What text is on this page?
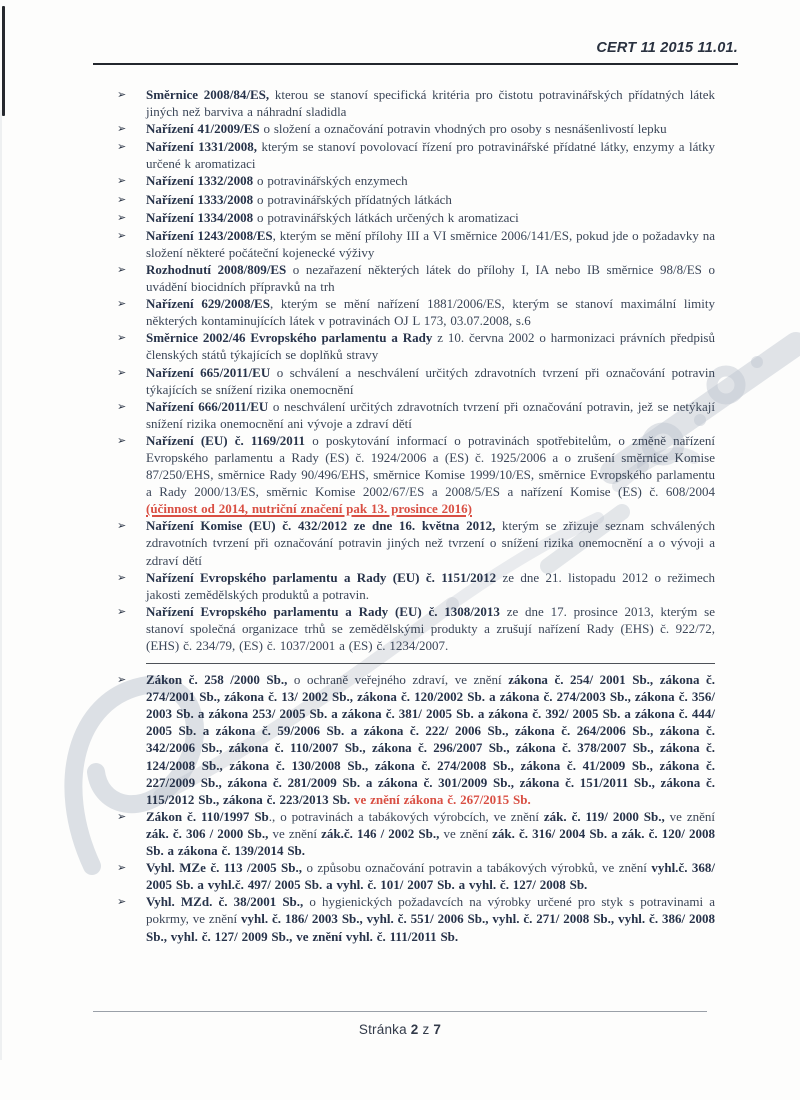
CERT 11 2015 11.01.
➢	Směrnice 2008/84/ES, kterou se stanoví specifická kritéria pro čistotu potravinářských přídatných látek jiných než barviva a náhradní sladidla
➢	Nařízení 41/2009/ES o složení a označování potravin vhodných pro osoby s nesnášenlivostí lepku
➢	Nařízení 1331/2008, kterým se stanoví povolovací řízení pro potravinářské přídatné látky, enzymy a látky určené k aromatizaci
➢	Nařízení 1332/2008 o potravinářských enzymech
➢	Nařízení 1333/2008 o potravinářských přídatných látkách
➢	Nařízení 1334/2008 o potravinářských látkách určených k aromatizaci
➢	Nařízení 1243/2008/ES, kterým se mění přílohy III a VI směrnice 2006/141/ES, pokud jde o požadavky na složení některé počáteční kojenecké výživy
➢	Rozhodnutí 2008/809/ES o nezařazení některých látek do přílohy I, IA nebo IB směrnice 98/8/ES o uvádění biocidních přípravků na trh
➢	Nařízení 629/2008/ES, kterým se mění nařízení 1881/2006/ES, kterým se stanoví maximální limity některých kontaminujících látek v potravinách OJ L 173, 03.07.2008, s.6
➢	Směrnice 2002/46 Evropského parlamentu a Rady z 10. června 2002 o harmonizaci právních předpisů členských států týkajících se doplňků stravy
➢	Nařízení 665/2011/EU o schválení a neschválení určitých zdravotních tvrzení při označování potravin týkajících se snížení rizika onemocnění
➢	Nařízení 666/2011/EU o neschválení určitých zdravotních tvrzení při označování potravin, jež se netýkají snížení rizika onemocnění ani vývoje a zdraví dětí
➢	Nařízení (EU) č. 1169/2011 o poskytování informací o potravinách spotřebitelům, o změně nařízení Evropského parlamentu a Rady (ES) č. 1924/2006 a (ES) č. 1925/2006 a o zrušení směrnice Komise 87/250/EHS, směrnice Rady 90/496/EHS, směrnice Komise 1999/10/ES, směrnice Evropského parlamentu a Rady 2000/13/ES, směrnic Komise 2002/67/ES a 2008/5/ES a nařízení Komise (ES) č. 608/2004 (účinnost od 2014, nutriční značení pak 13. prosince 2016)
➢	Nařízení Komise (EU) č. 432/2012 ze dne 16. května 2012, kterým se zřizuje seznam schválených zdravotních tvrzení při označování potravin jiných než tvrzení o snížení rizika onemocnění a o vývoji a zdraví dětí
➢	Nařízení Evropského parlamentu a Rady (EU) č. 1151/2012 ze dne 21. listopadu 2012 o režimech jakosti zemědělských produktů a potravin.
➢	Nařízení Evropského parlamentu a Rady (EU) č. 1308/2013 ze dne 17. prosince 2013, kterým se stanoví společná organizace trhů se zemědělskými produkty a zrušují nařízení Rady (EHS) č. 922/72, (EHS) č. 234/79, (ES) č. 1037/2001 a (ES) č. 1234/2007.
➢	Zákon č. 258 /2000 Sb., o ochraně veřejného zdraví, ve znění zákona č. 254/ 2001 Sb., zákona č. 274/2001 Sb., zákona č. 13/ 2002 Sb., zákona č. 120/2002 Sb. a zákona č. 274/2003 Sb., zákona č. 356/ 2003 Sb. a zákona 253/ 2005 Sb. a zákona č. 381/ 2005 Sb. a zákona č. 392/ 2005 Sb. a zákona č. 444/ 2005 Sb. a zákona č. 59/2006 Sb. a zákona č. 222/ 2006 Sb., zákona č. 264/2006 Sb., zákona č. 342/2006 Sb., zákona č. 110/2007 Sb., zákona č. 296/2007 Sb., zákona č. 378/2007 Sb., zákona č. 124/2008 Sb., zákona č. 130/2008 Sb., zákona č. 274/2008 Sb., zákona č. 41/2009 Sb., zákona č. 227/2009 Sb., zákona č. 281/2009 Sb. a zákona č. 301/2009 Sb., zákona č. 151/2011 Sb., zákona č. 115/2012 Sb., zákona č. 223/2013 Sb. ve znění zákona č. 267/2015 Sb.
➢	Zákon č. 110/1997 Sb., o potravinách a tabákových výrobcích, ve znění zák. č. 119/ 2000 Sb., ve znění zák. č. 306 / 2000 Sb., ve znění zák.č. 146 / 2002 Sb., ve znění zák. č. 316/ 2004 Sb. a zák. č. 120/ 2008 Sb. a zákona č. 139/2014 Sb.
➢	Vyhl. MZe č. 113 /2005 Sb., o způsobu označování potravin a tabákových výrobků, ve znění vyhl.č. 368/ 2005 Sb. a vyhl.č. 497/ 2005 Sb. a vyhl. č. 101/ 2007 Sb. a vyhl. č. 127/ 2008 Sb.
➢	Vyhl. MZd. č. 38/2001 Sb., o hygienických požadavcích na výrobky určené pro styk s potravinami a pokrmy, ve znění vyhl. č. 186/ 2003 Sb., vyhl. č. 551/ 2006 Sb., vyhl. č. 271/ 2008 Sb., vyhl. č. 386/ 2008 Sb., vyhl. č. 127/ 2009 Sb., ve znění vyhl. č. 111/2011 Sb.
Stránka 2 z 7
